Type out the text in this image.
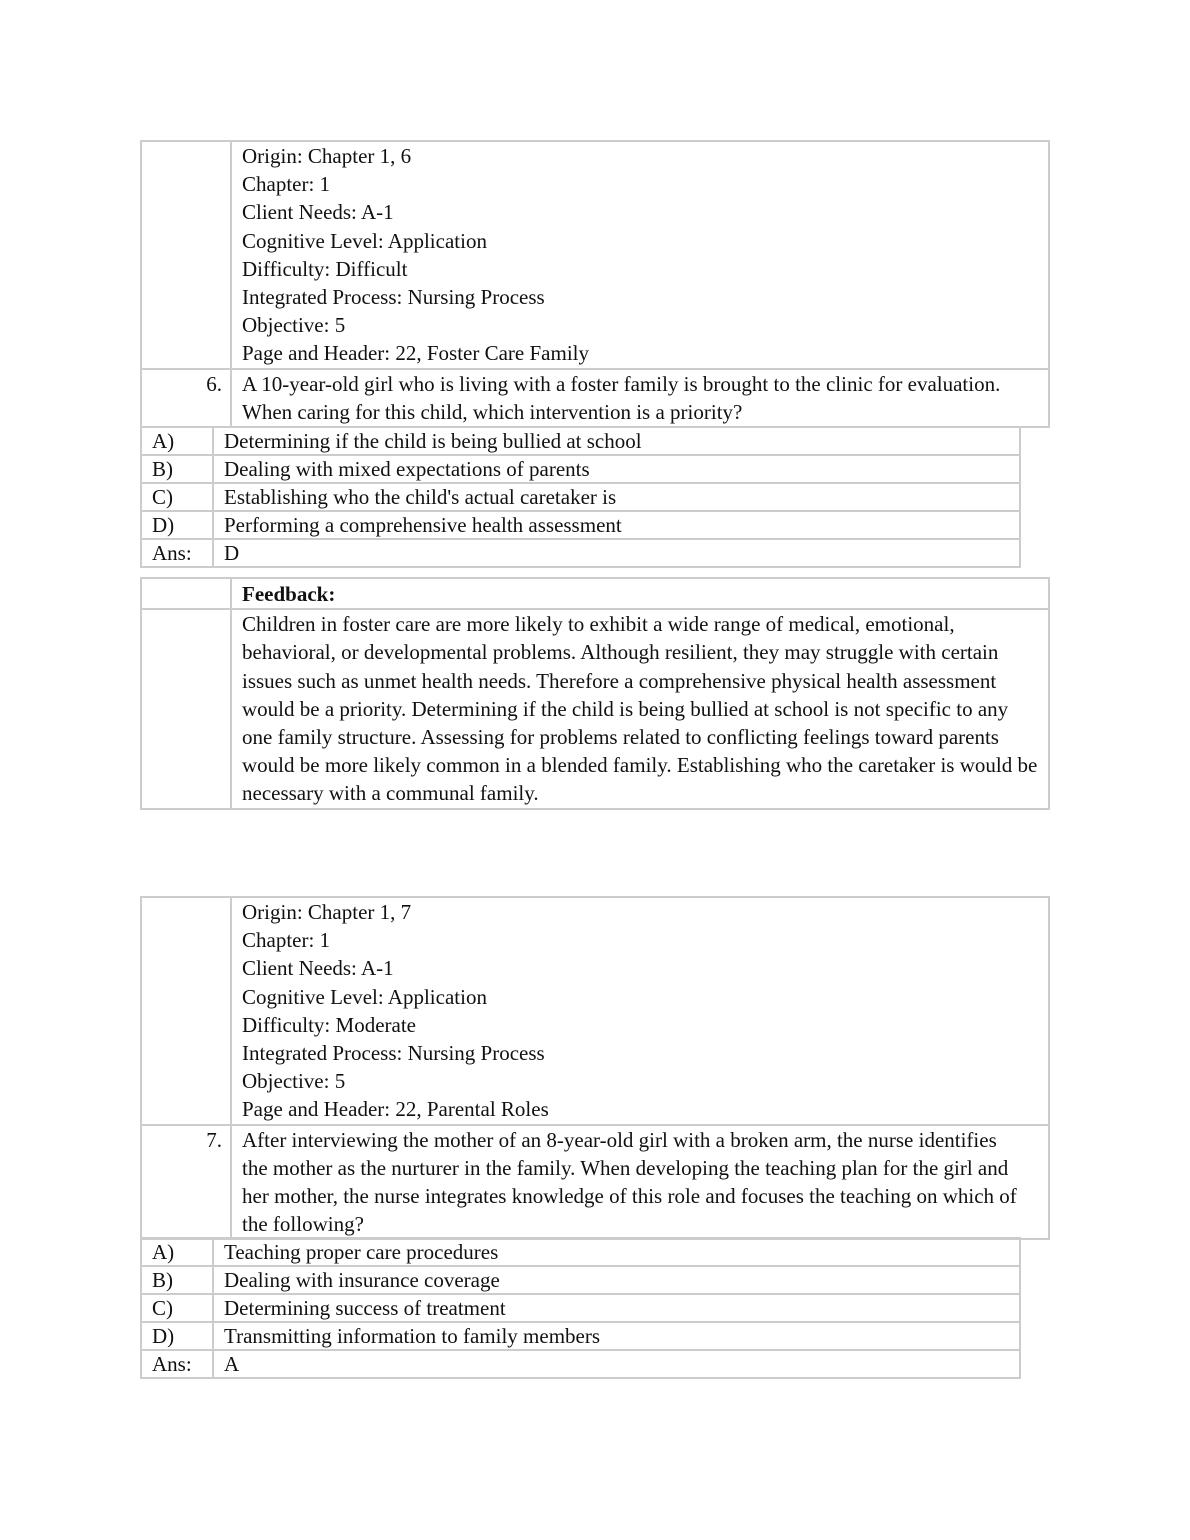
Origin: Chapter 1, 6
Chapter: 1
Client Needs: A-1
Cognitive Level: Application
Difficulty: Difficult
Integrated Process: Nursing Process
Objective: 5
Page and Header: 22, Foster Care Family
6. A 10-year-old girl who is living with a foster family is brought to the clinic for evaluation. When caring for this child, which intervention is a priority?
A)	Determining if the child is being bullied at school
B)	Dealing with mixed expectations of parents
C)	Establishing who the child's actual caretaker is
D)	Performing a comprehensive health assessment
Ans:	D
Feedback:
Children in foster care are more likely to exhibit a wide range of medical, emotional, behavioral, or developmental problems. Although resilient, they may struggle with certain issues such as unmet health needs. Therefore a comprehensive physical health assessment would be a priority. Determining if the child is being bullied at school is not specific to any one family structure. Assessing for problems related to conflicting feelings toward parents would be more likely common in a blended family. Establishing who the caretaker is would be necessary with a communal family.
Origin: Chapter 1, 7
Chapter: 1
Client Needs: A-1
Cognitive Level: Application
Difficulty: Moderate
Integrated Process: Nursing Process
Objective: 5
Page and Header: 22, Parental Roles
7. After interviewing the mother of an 8-year-old girl with a broken arm, the nurse identifies the mother as the nurturer in the family. When developing the teaching plan for the girl and her mother, the nurse integrates knowledge of this role and focuses the teaching on which of the following?
A)	Teaching proper care procedures
B)	Dealing with insurance coverage
C)	Determining success of treatment
D)	Transmitting information to family members
Ans:	A
